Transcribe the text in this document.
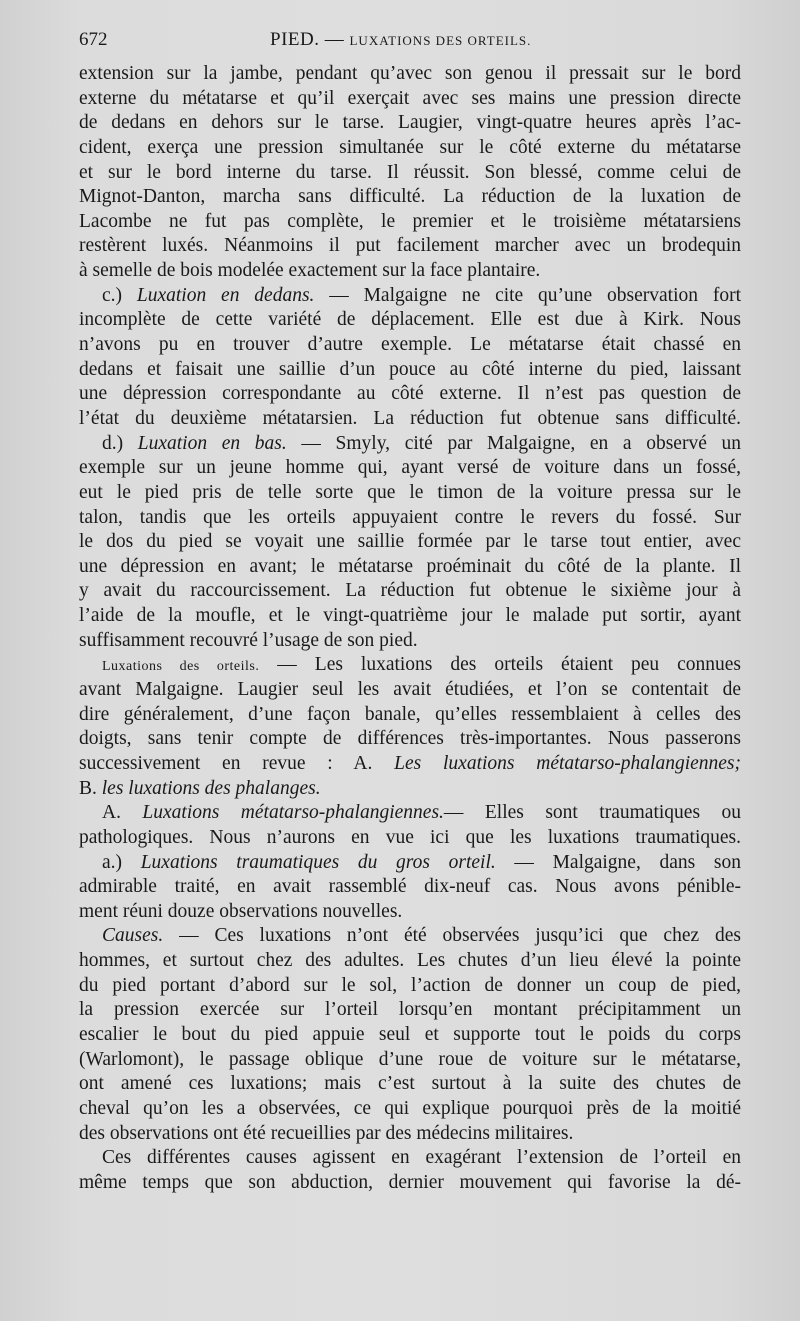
672	PIED. — LUXATIONS DES ORTEILS.
extension sur la jambe, pendant qu’avec son genou il pressait sur le bord
externe du métatarse et qu’il exerçait avec ses mains une pression directe
de dedans en dehors sur le tarse. Laugier, vingt-quatre heures après l’ac-
cident, exerça une pression simultanée sur le côté externe du métatarse
et sur le bord interne du tarse. Il réussit. Son blessé, comme celui de
Mignot-Danton, marcha sans difficulté. La réduction de la luxation de
Lacombe ne fut pas complète, le premier et le troisième métatarsiens
restèrent luxés. Néanmoins il put facilement marcher avec un brodequin
à semelle de bois modelée exactement sur la face plantaire.
c.) Luxation en dedans. — Malgaigne ne cite qu’une observation fort
incomplète de cette variété de déplacement. Elle est due à Kirk. Nous
n’avons pu en trouver d’autre exemple. Le métatarse était chassé en
dedans et faisait une saillie d’un pouce au côté interne du pied, laissant
une dépression correspondante au côté externe. Il n’est pas question de
l’état du deuxième métatarsien. La réduction fut obtenue sans difficulté.
d.) Luxation en bas. — Smyly, cité par Malgaigne, en a observé un
exemple sur un jeune homme qui, ayant versé de voiture dans un fossé,
eut le pied pris de telle sorte que le timon de la voiture pressa sur le
talon, tandis que les orteils appuyaient contre le revers du fossé. Sur
le dos du pied se voyait une saillie formée par le tarse tout entier, avec
une dépression en avant; le métatarse proéminait du côté de la plante. Il
y avait du raccourcissement. La réduction fut obtenue le sixième jour à
l’aide de la moufle, et le vingt-quatrième jour le malade put sortir, ayant
suffisamment recouvré l’usage de son pied.
Luxations des orteils. — Les luxations des orteils étaient peu connues
avant Malgaigne. Laugier seul les avait étudiées, et l’on se contentait de
dire généralement, d’une façon banale, qu’elles ressemblaient à celles des
doigts, sans tenir compte de différences très-importantes. Nous passerons
successivement en revue : A. Les luxations métatarso-phalangiennes;
B. les luxations des phalanges.
A. Luxations métatarso-phalangiennes.— Elles sont traumatiques ou
pathologiques. Nous n’aurons en vue ici que les luxations traumatiques.
a.) Luxations traumatiques du gros orteil. — Malgaigne, dans son
admirable traité, en avait rassemblé dix-neuf cas. Nous avons pénible-
ment réuni douze observations nouvelles.
Causes. — Ces luxations n’ont été observées jusqu’ici que chez des
hommes, et surtout chez des adultes. Les chutes d’un lieu élevé la pointe
du pied portant d’abord sur le sol, l’action de donner un coup de pied,
la pression exercée sur l’orteil lorsqu’en montant précipitamment un
escalier le bout du pied appuie seul et supporte tout le poids du corps
(Warlomont), le passage oblique d’une roue de voiture sur le métatarse,
ont amené ces luxations; mais c’est surtout à la suite des chutes de
cheval qu’on les a observées, ce qui explique pourquoi près de la moitié
des observations ont été recueillies par des médecins militaires.
Ces différentes causes agissent en exagérant l’extension de l’orteil en
même temps que son abduction, dernier mouvement qui favorise la dé-
